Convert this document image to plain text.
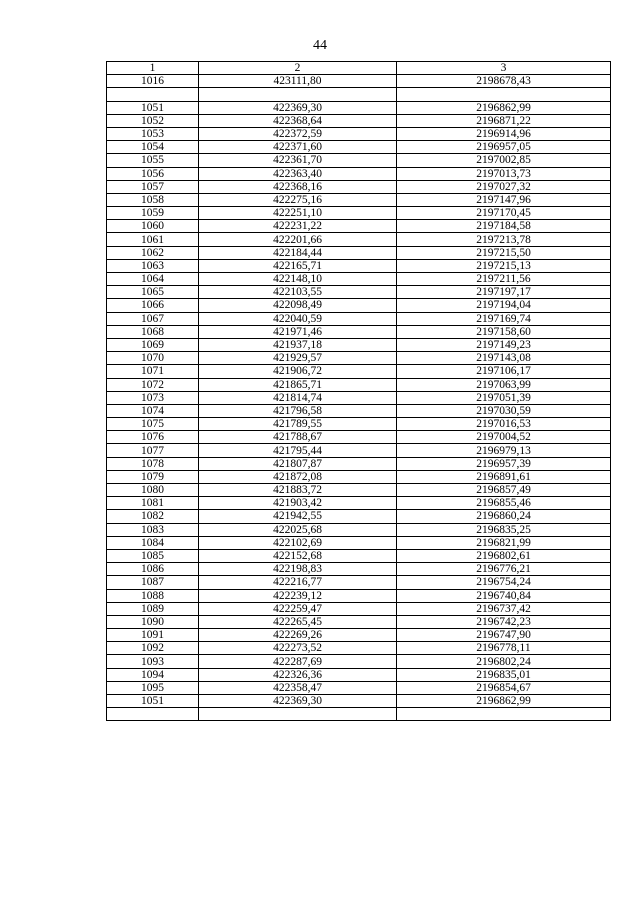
44
1	2	3
1016	423111,80	2198678,43

1051	422369,30	2196862,99
1052	422368,64	2196871,22
1053	422372,59	2196914,96
1054	422371,60	2196957,05
1055	422361,70	2197002,85
1056	422363,40	2197013,73
1057	422368,16	2197027,32
1058	422275,16	2197147,96
1059	422251,10	2197170,45
1060	422231,22	2197184,58
1061	422201,66	2197213,78
1062	422184,44	2197215,50
1063	422165,71	2197215,13
1064	422148,10	2197211,56
1065	422103,55	2197197,17
1066	422098,49	2197194,04
1067	422040,59	2197169,74
1068	421971,46	2197158,60
1069	421937,18	2197149,23
1070	421929,57	2197143,08
1071	421906,72	2197106,17
1072	421865,71	2197063,99
1073	421814,74	2197051,39
1074	421796,58	2197030,59
1075	421789,55	2197016,53
1076	421788,67	2197004,52
1077	421795,44	2196979,13
1078	421807,87	2196957,39
1079	421872,08	2196891,61
1080	421883,72	2196857,49
1081	421903,42	2196855,46
1082	421942,55	2196860,24
1083	422025,68	2196835,25
1084	422102,69	2196821,99
1085	422152,68	2196802,61
1086	422198,83	2196776,21
1087	422216,77	2196754,24
1088	422239,12	2196740,84
1089	422259,47	2196737,42
1090	422265,45	2196742,23
1091	422269,26	2196747,90
1092	422273,52	2196778,11
1093	422287,69	2196802,24
1094	422326,36	2196835,01
1095	422358,47	2196854,67
1051	422369,30	2196862,99
